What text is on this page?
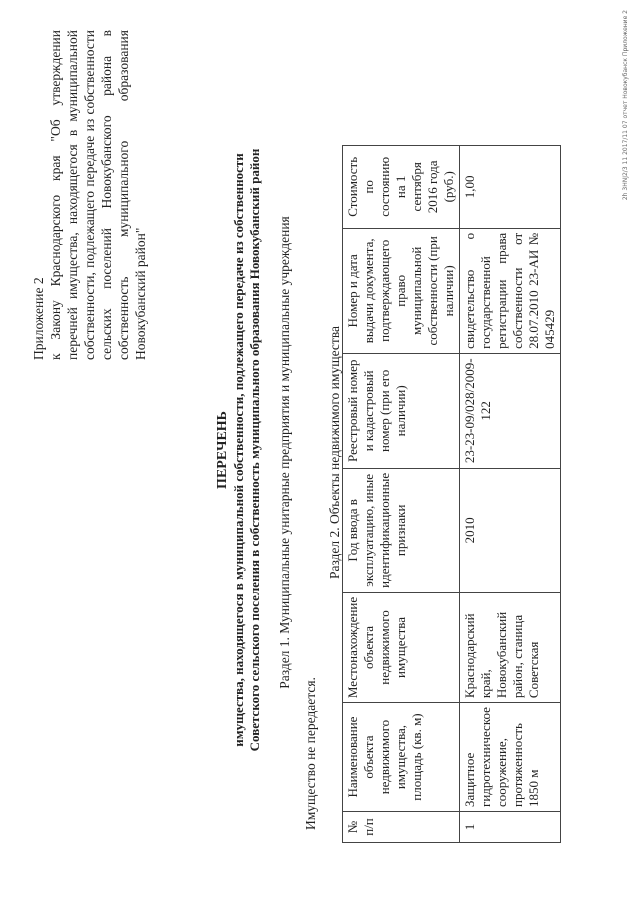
Приложение 2 к Закону Краснодарского края "Об утверждении перечней имущества, находящегося в муниципальной собственности, подлежащего передаче из собственности сельских поселений Новокубанского района в собственность муниципального образования Новокубанский район"
ПЕРЕЧЕНЬ имущества, находящегося в муниципальной собственности, подлежащего передаче из собственности Советского сельского поселения в собственность муниципального образования Новокубанский район Раздел 1. Муниципальные унитарные предприятия и муниципальные учреждения
Имущество не передается.
Раздел 2. Объекты недвижимого имущества
№ п/п	Наименование объекта недвижимого имущества, площадь (кв. м)	Местонахождение объекта недвижимого имущества	Год ввода в эксплуатацию, иные идентификационные признаки	Реестровый номер и кадастровый номер (при его наличии)	Номер и дата выдачи документа, подтверждающего право муниципальной собственности (при наличии)	Стоимость по состоянию на 1 сентября 2016 года (руб.)
1	Защитное гидротехническое сооружение, протяженность 1850 м	Краснодарский край, Новокубанский район, станица Советская	2010	23-23-09/028/2009-122	свидетельство о государственной регистрации права собственности от 28.07.2010 23-АИ № 045429	1,00	2h 3HNJ2/3 11 2017/11 07 отчет Новокубанск Приложение 2
